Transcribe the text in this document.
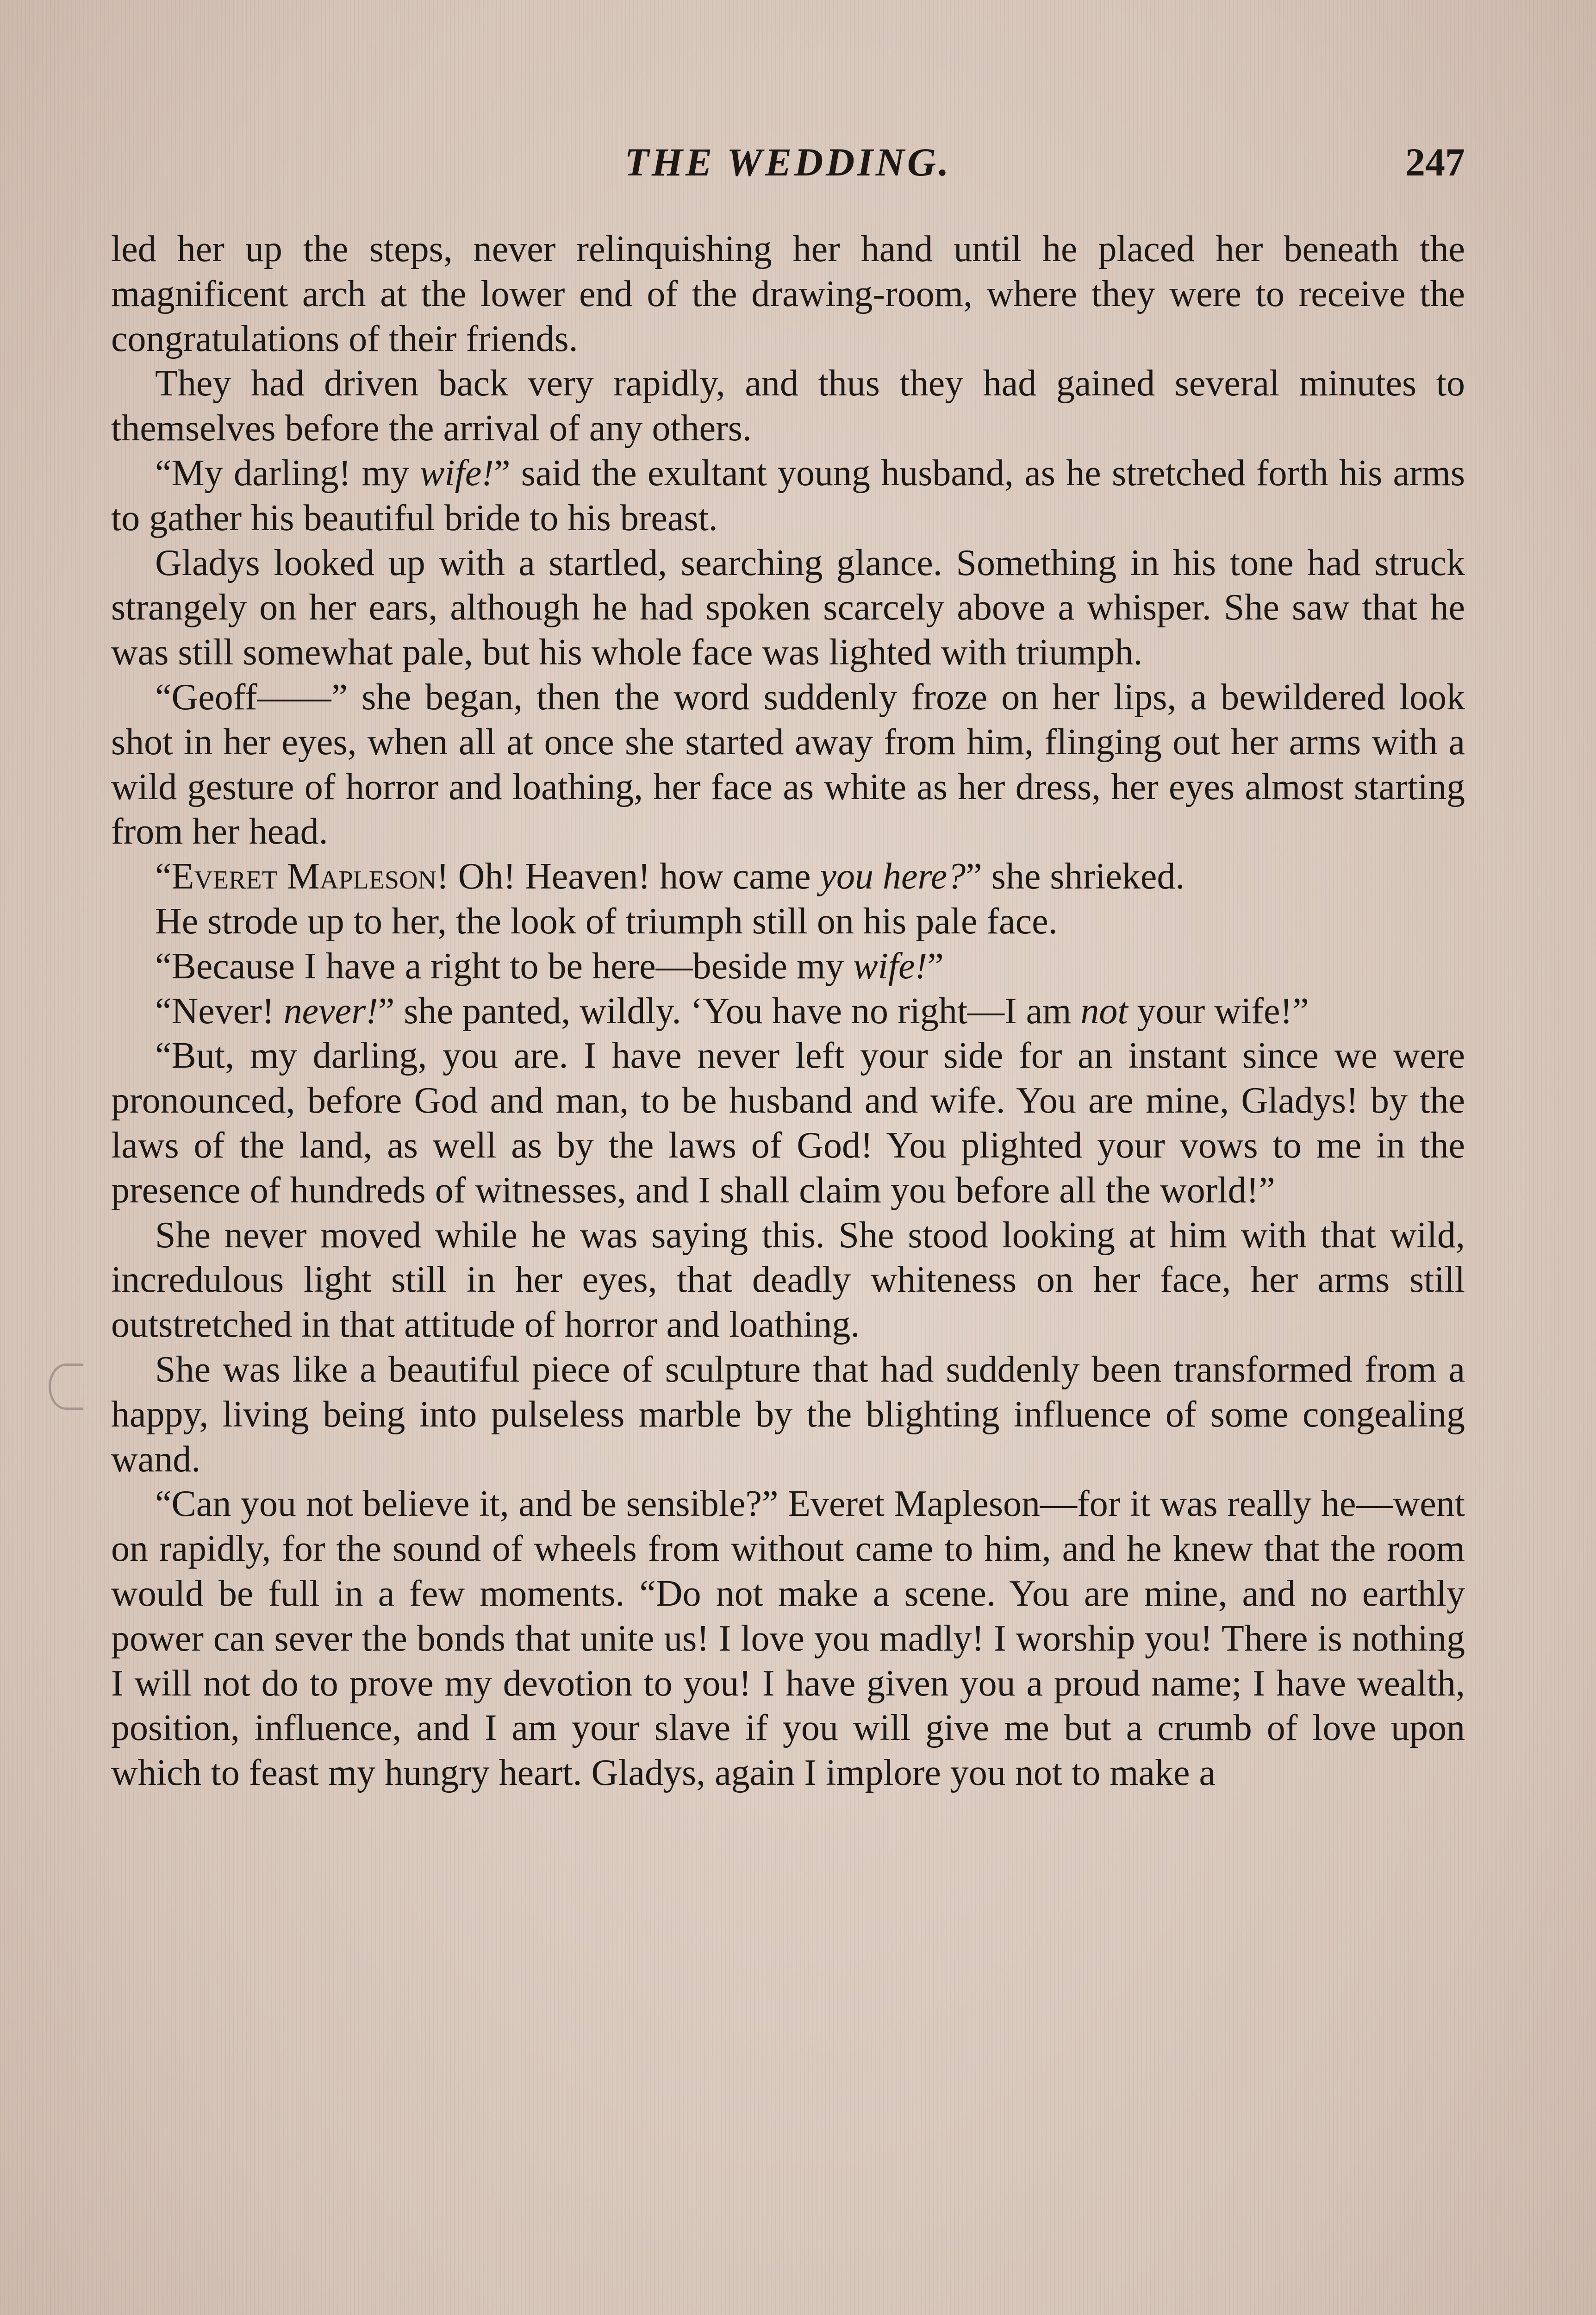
THE WEDDING.	247

led her up the steps, never relinquishing her hand until he placed her beneath the magnificent arch at the lower end of the drawing-room, where they were to receive the congratulations of their friends.

They had driven back very rapidly, and thus they had gained several minutes to themselves before the arrival of any others.

“My darling! my wife!” said the exultant young husband, as he stretched forth his arms to gather his beautiful bride to his breast.

Gladys looked up with a startled, searching glance. Something in his tone had struck strangely on her ears, although he had spoken scarcely above a whisper. She saw that he was still somewhat pale, but his whole face was lighted with triumph.

“Geoff——” she began, then the word suddenly froze on her lips, a bewildered look shot in her eyes, when all at once she started away from him, flinging out her arms with a wild gesture of horror and loathing, her face as white as her dress, her eyes almost starting from her head.

“Everet Mapleson! Oh! Heaven! how came you here?” she shrieked.

He strode up to her, the look of triumph still on his pale face.

“Because I have a right to be here—beside my wife!”

“Never! never!” she panted, wildly. ‘You have no right—I am not your wife!”

“But, my darling, you are. I have never left your side for an instant since we were pronounced, before God and man, to be husband and wife. You are mine, Gladys! by the laws of the land, as well as by the laws of God! You plighted your vows to me in the presence of hundreds of witnesses, and I shall claim you before all the world!”

She never moved while he was saying this. She stood looking at him with that wild, incredulous light still in her eyes, that deadly whiteness on her face, her arms still outstretched in that attitude of horror and loathing.

She was like a beautiful piece of sculpture that had suddenly been transformed from a happy, living being into pulseless marble by the blighting influence of some congealing wand.

“Can you not believe it, and be sensible?” Everet Mapleson—for it was really he—went on rapidly, for the sound of wheels from without came to him, and he knew that the room would be full in a few moments. “Do not make a scene. You are mine, and no earthly power can sever the bonds that unite us! I love you madly! I worship you! There is nothing I will not do to prove my devotion to you! I have given you a proud name; I have wealth, position, influence, and I am your slave if you will give me but a crumb of love upon which to feast my hungry heart. Gladys, again I implore you not to make a
